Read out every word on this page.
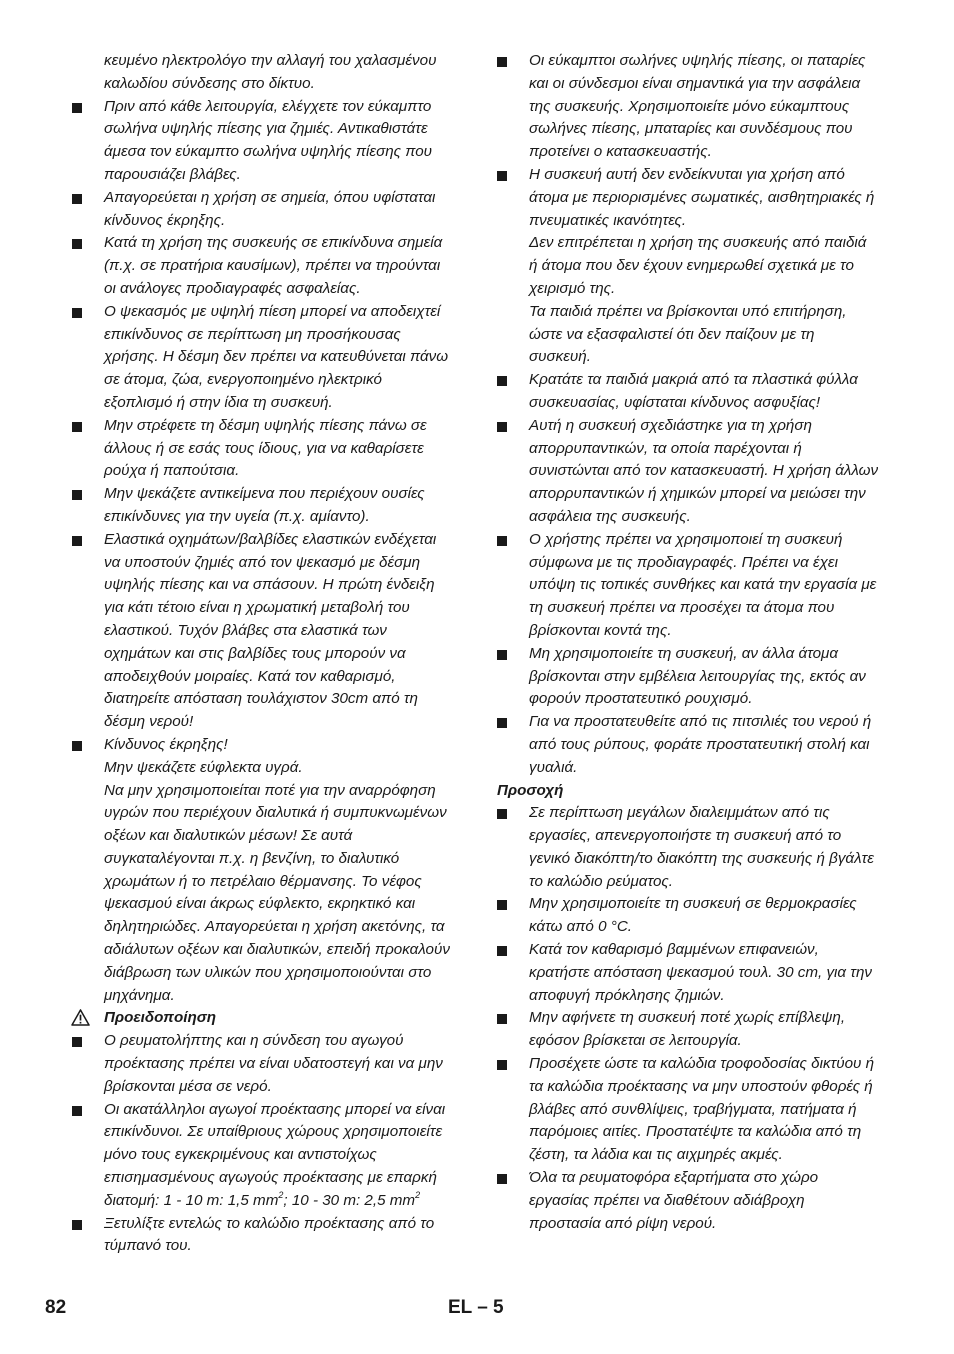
κευμένο ηλεκτρολόγο την αλλαγή του χαλασμένου καλωδίου σύνδεσης στο δίκτυο.
Πριν από κάθε λειτουργία, ελέγχετε τον εύκαμπτο σωλήνα υψηλής πίεσης για ζημιές. Αντικαθιστάτε άμεσα τον εύκαμπτο σωλήνα υψηλής πίεσης που παρουσιάζει βλάβες.
Απαγορεύεται η χρήση σε σημεία, όπου υφίσταται κίνδυνος έκρηξης.
Κατά τη χρήση της συσκευής σε επικίνδυνα σημεία (π.χ. σε πρατήρια καυσίμων), πρέπει να τηρούνται οι ανάλογες προδιαγραφές ασφαλείας.
Ο ψεκασμός με υψηλή πίεση μπορεί να αποδειχτεί επικίνδυνος σε περίπτωση μη προσήκουσας χρήσης. Η δέσμη δεν πρέπει να κατευθύνεται πάνω σε άτομα, ζώα, ενεργοποιημένο ηλεκτρικό εξοπλισμό ή στην ίδια τη συσκευή.
Μην στρέφετε τη δέσμη υψηλής πίεσης πάνω σε άλλους ή σε εσάς τους ίδιους, για να καθαρίσετε ρούχα ή παπούτσια.
Μην ψεκάζετε αντικείμενα που περιέχουν ουσίες επικίνδυνες για την υγεία (π.χ. αμίαντο).
Ελαστικά οχημάτων/βαλβίδες ελαστικών ενδέχεται να υποστούν ζημιές από τον ψεκασμό με δέσμη υψηλής πίεσης και να σπάσουν. Η πρώτη ένδειξη για κάτι τέτοιο είναι η χρωματική μεταβολή του ελαστικού. Τυχόν βλάβες στα ελαστικά των οχημάτων και στις βαλβίδες τους μπορούν να αποδειχθούν μοιραίες. Κατά τον καθαρισμό, διατηρείτε απόσταση τουλάχιστον 30cm από τη δέσμη νερού!
Κίνδυνος έκρηξης!
Μην ψεκάζετε εύφλεκτα υγρά.
Να μην χρησιμοποιείται ποτέ για την αναρρόφηση υγρών που περιέχουν διαλυτικά ή συμπυκνωμένων οξέων και διαλυτικών μέσων! Σε αυτά συγκαταλέγονται π.χ. η βενζίνη, το διαλυτικό χρωμάτων ή το πετρέλαιο θέρμανσης. Το νέφος ψεκασμού είναι άκρως εύφλεκτο, εκρηκτικό και δηλητηριώδες. Απαγορεύεται η χρήση ακετόνης, τα αδιάλυτων οξέων και διαλυτικών, επειδή προκαλούν διάβρωση των υλικών που χρησιμοποιούνται στο μηχάνημα.
Προειδοποίηση
Ο ρευματολήπτης και η σύνδεση του αγωγού προέκτασης πρέπει να είναι υδατοστεγή και να μην βρίσκονται μέσα σε νερό.
Οι ακατάλληλοι αγωγοί προέκτασης μπορεί να είναι επικίνδυνοι. Σε υπαίθριους χώρους χρησιμοποιείτε μόνο τους εγκεκριμένους και αντιστοίχως επισημασμένους αγωγούς προέκτασης με επαρκή διατομή: 1 - 10 m: 1,5 $mm^2$; 10 - 30 m: 2,5 $mm^2$
Ξετυλίξτε εντελώς το καλώδιο προέκτασης από το τύμπανό του.
Οι εύκαμπτοι σωλήνες υψηλής πίεσης, οι παταρίες και οι σύνδεσμοι είναι σημαντικά για την ασφάλεια της συσκευής. Χρησιμοποιείτε μόνο εύκαμπτους σωλήνες πίεσης, μπαταρίες και συνδέσμους που προτείνει ο κατασκευαστής.
Η συσκευή αυτή δεν ενδείκνυται για χρήση από άτομα με περιορισμένες σωματικές, αισθητηριακές ή πνευματικές ικανότητες.
Δεν επιτρέπεται η χρήση της συσκευής από παιδιά ή άτομα που δεν έχουν ενημερωθεί σχετικά με το χειρισμό της.
Τα παιδιά πρέπει να βρίσκονται υπό επιτήρηση, ώστε να εξασφαλιστεί ότι δεν παίζουν με τη συσκευή.
Κρατάτε τα παιδιά μακριά από τα πλαστικά φύλλα συσκευασίας, υφίσταται κίνδυνος ασφυξίας!
Αυτή η συσκευή σχεδιάστηκε για τη χρήση απορρυπαντικών, τα οποία παρέχονται ή συνιστώνται από τον κατασκευαστή. Η χρήση άλλων απορρυπαντικών ή χημικών μπορεί να μειώσει την ασφάλεια της συσκευής.
Ο χρήστης πρέπει να χρησιμοποιεί τη συσκευή σύμφωνα με τις προδιαγραφές. Πρέπει να έχει υπόψη τις τοπικές συνθήκες και κατά την εργασία με τη συσκευή πρέπει να προσέχει τα άτομα που βρίσκονται κοντά της.
Μη χρησιμοποιείτε τη συσκευή, αν άλλα άτομα βρίσκονται στην εμβέλεια λειτουργίας της, εκτός αν φορούν προστατευτικό ρουχισμό.
Για να προστατευθείτε από τις πιτσιλιές του νερού ή από τους ρύπους, φοράτε προστατευτική στολή και γυαλιά.
Προσοχή
Σε περίπτωση μεγάλων διαλειμμάτων από τις εργασίες, απενεργοποιήστε τη συσκευή από το γενικό διακόπτη/το διακόπτη της συσκευής ή βγάλτε το καλώδιο ρεύματος.
Μην χρησιμοποιείτε τη συσκευή σε θερμοκρασίες κάτω από 0 °C.
Κατά τον καθαρισμό βαμμένων επιφανειών, κρατήστε απόσταση ψεκασμού τουλ. 30 cm, για την αποφυγή πρόκλησης ζημιών.
Μην αφήνετε τη συσκευή ποτέ χωρίς επίβλεψη, εφόσον βρίσκεται σε λειτουργία.
Προσέχετε ώστε τα καλώδια τροφοδοσίας δικτύου ή τα καλώδια προέκτασης να μην υποστούν φθορές ή βλάβες από συνθλίψεις, τραβήγματα, πατήματα ή παρόμοιες αιτίες. Προστατέψτε τα καλώδια από τη ζέστη, τα λάδια και τις αιχμηρές ακμές.
Όλα τα ρευματοφόρα εξαρτήματα στο χώρο εργασίας πρέπει να διαθέτουν αδιάβροχη προστασία από ρίψη νερού.
82	EL – 5
